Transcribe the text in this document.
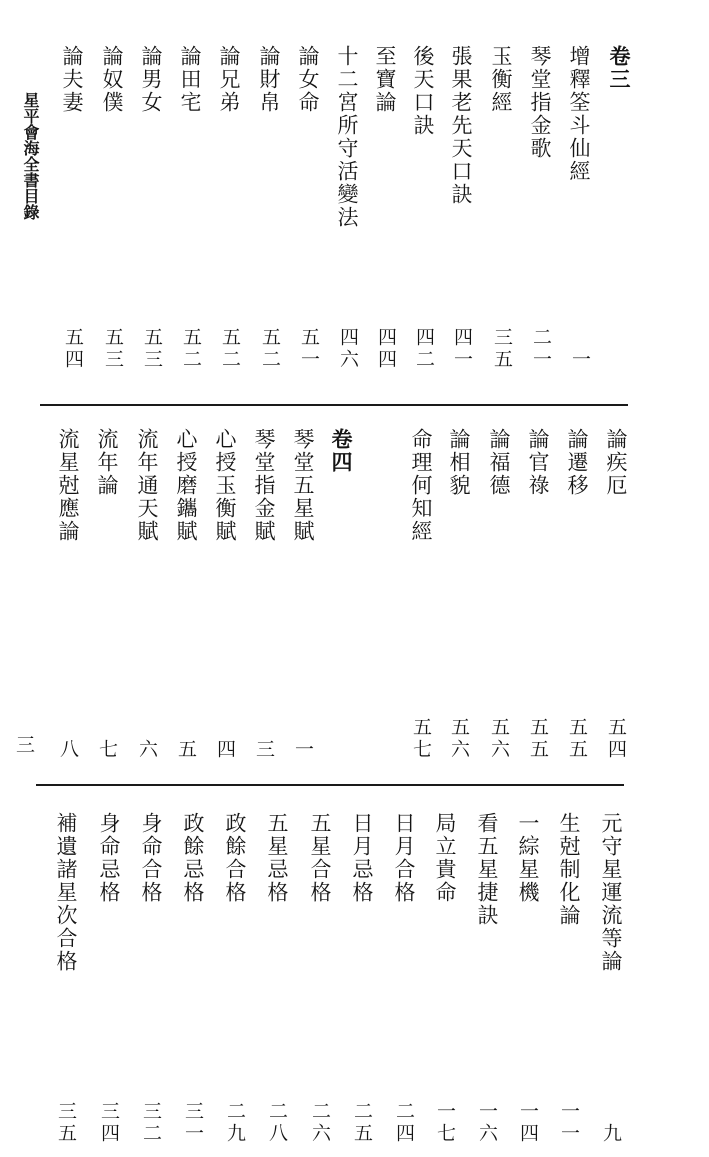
星平會海全書目錄
三
卷三
增釋筌斗仙經
琴堂指金歌
玉衡經
張果老先天口訣
後天口訣
至寶論
十二宮所守活變法
論女命
論財帛
論兄弟
論田宅
論男女
論奴僕
論夫妻
一
二一
三五
四一
四二
四四
四六
五一
五二
五二
五二
五三
五三
五四
論疾厄
論遷移
論官祿
論福德
論相貌
命理何知經
卷四
琴堂五星賦
琴堂指金賦
心授玉衡賦
心授磨鑴賦
流年通天賦
流年論
流星尅應論
五四
五五
五五
五六
五六
五七
一
三
四
五
六
七
八
元守星運流等論
生尅制化論
一綜星機
看五星捷訣
局立貴命
日月合格
日月忌格
五星合格
五星忌格
政餘合格
政餘忌格
身命合格
身命忌格
補遺諸星次合格
九
一一
一四
一六
一七
二四
二五
二六
二八
二九
三一
三二
三四
三五
